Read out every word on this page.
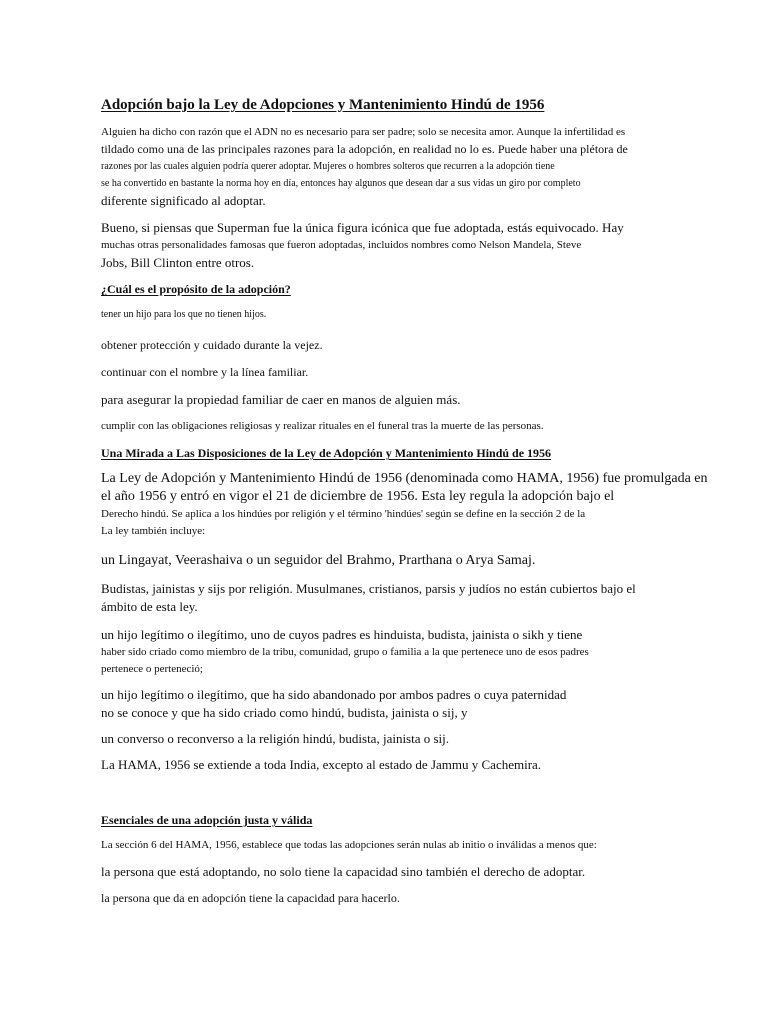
Adopción bajo la Ley de Adopciones y Mantenimiento Hindú de 1956
Alguien ha dicho con razón que el ADN no es necesario para ser padre; solo se necesita amor. Aunque la infertilidad es
tildado como una de las principales razones para la adopción, en realidad no lo es. Puede haber una plétora de
razones por las cuales alguien podría querer adoptar. Mujeres o hombres solteros que recurren a la adopción tiene
se ha convertido en bastante la norma hoy en día, entonces hay algunos que desean dar a sus vidas un giro por completo
diferente significado al adoptar.
Bueno, si piensas que Superman fue la única figura icónica que fue adoptada, estás equivocado. Hay
muchas otras personalidades famosas que fueron adoptadas, incluidos nombres como Nelson Mandela, Steve
Jobs, Bill Clinton entre otros.
¿Cuál es el propósito de la adopción?
tener un hijo para los que no tienen hijos.
obtener protección y cuidado durante la vejez.
continuar con el nombre y la línea familiar.
para asegurar la propiedad familiar de caer en manos de alguien más.
cumplir con las obligaciones religiosas y realizar rituales en el funeral tras la muerte de las personas.
Una Mirada a Las Disposiciones de la Ley de Adopción y Mantenimiento Hindú de 1956
La Ley de Adopción y Mantenimiento Hindú de 1956 (denominada como HAMA, 1956) fue promulgada en
el año 1956 y entró en vigor el 21 de diciembre de 1956. Esta ley regula la adopción bajo el
Derecho hindú. Se aplica a los hindúes por religión y el término 'hindúes' según se define en la sección 2 de la
La ley también incluye:
un Lingayat, Veerashaiva o un seguidor del Brahmo, Prarthana o Arya Samaj.
Budistas, jainistas y sijs por religión. Musulmanes, cristianos, parsis y judíos no están cubiertos bajo el
ámbito de esta ley.
un hijo legítimo o ilegítimo, uno de cuyos padres es hinduista, budista, jainista o sikh y tiene
haber sido criado como miembro de la tribu, comunidad, grupo o familia a la que pertenece uno de esos padres
pertenece o perteneció;
un hijo legítimo o ilegítimo, que ha sido abandonado por ambos padres o cuya paternidad
no se conoce y que ha sido criado como hindú, budista, jainista o sij, y
un converso o reconverso a la religión hindú, budista, jainista o sij.
La HAMA, 1956 se extiende a toda India, excepto al estado de Jammu y Cachemira.
Esenciales de una adopción justa y válida
La sección 6 del HAMA, 1956, establece que todas las adopciones serán nulas ab initio o inválidas a menos que:
la persona que está adoptando, no solo tiene la capacidad sino también el derecho de adoptar.
la persona que da en adopción tiene la capacidad para hacerlo.
